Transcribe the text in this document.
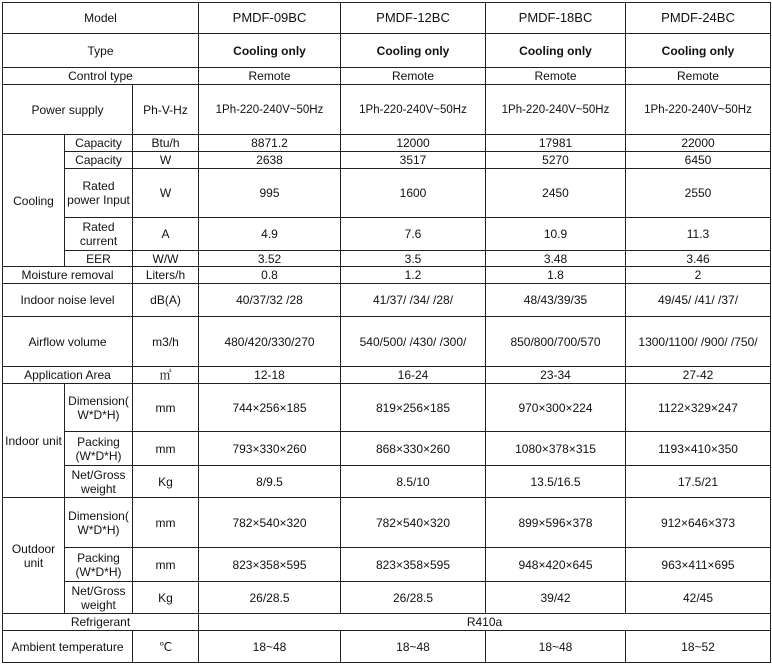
Model			PMDF-09BC	PMDF-12BC	PMDF-18BC	PMDF-24BC
Type			Cooling only	Cooling only	Cooling only	Cooling only
Control type			Remote	Remote	Remote	Remote
Power supply		Ph-V-Hz	1Ph-220-240V~50Hz	1Ph-220-240V~50Hz	1Ph-220-240V~50Hz	1Ph-220-240V~50Hz
Cooling	Capacity	Btu/h	8871.2	12000	17981	22000
	Capacity	W	2638	3517	5270	6450
	Rated power Input	W	995	1600	2450	2550
	Rated current	A	4.9	7.6	10.9	11.3
	EER	W/W	3.52	3.5	3.48	3.46
Moisture removal		Liters/h	0.8	1.2	1.8	2
Indoor noise level		dB(A)	40/37/32 /28	41/37/ /34/ /28/	48/43/39/35	49/45/ /41/ /37/
Airflow volume		m3/h	480/420/330/270	540/500/ /430/ /300/	850/800/700/570	1300/1100/ /900/ /750/
Application Area		㎡	12-18	16-24	23-34	27-42
Indoor unit	Dimension( W*D*H)	mm	744×256×185	819×256×185	970×300×224	1122×329×247
	Packing (W*D*H)	mm	793×330×260	868×330×260	1080×378×315	1193×410×350
	Net/Gross weight	Kg	8/9.5	8.5/10	13.5/16.5	17.5/21
Outdoor unit	Dimension( W*D*H)	mm	782×540×320	782×540×320	899×596×378	912×646×373
	Packing (W*D*H)	mm	823×358×595	823×358×595	948×420×645	963×411×695
	Net/Gross weight	Kg	26/28.5	26/28.5	39/42	42/45
Refrigerant			R410a			
Ambient temperature		℃	18~48	18~48	18~48	18~52
